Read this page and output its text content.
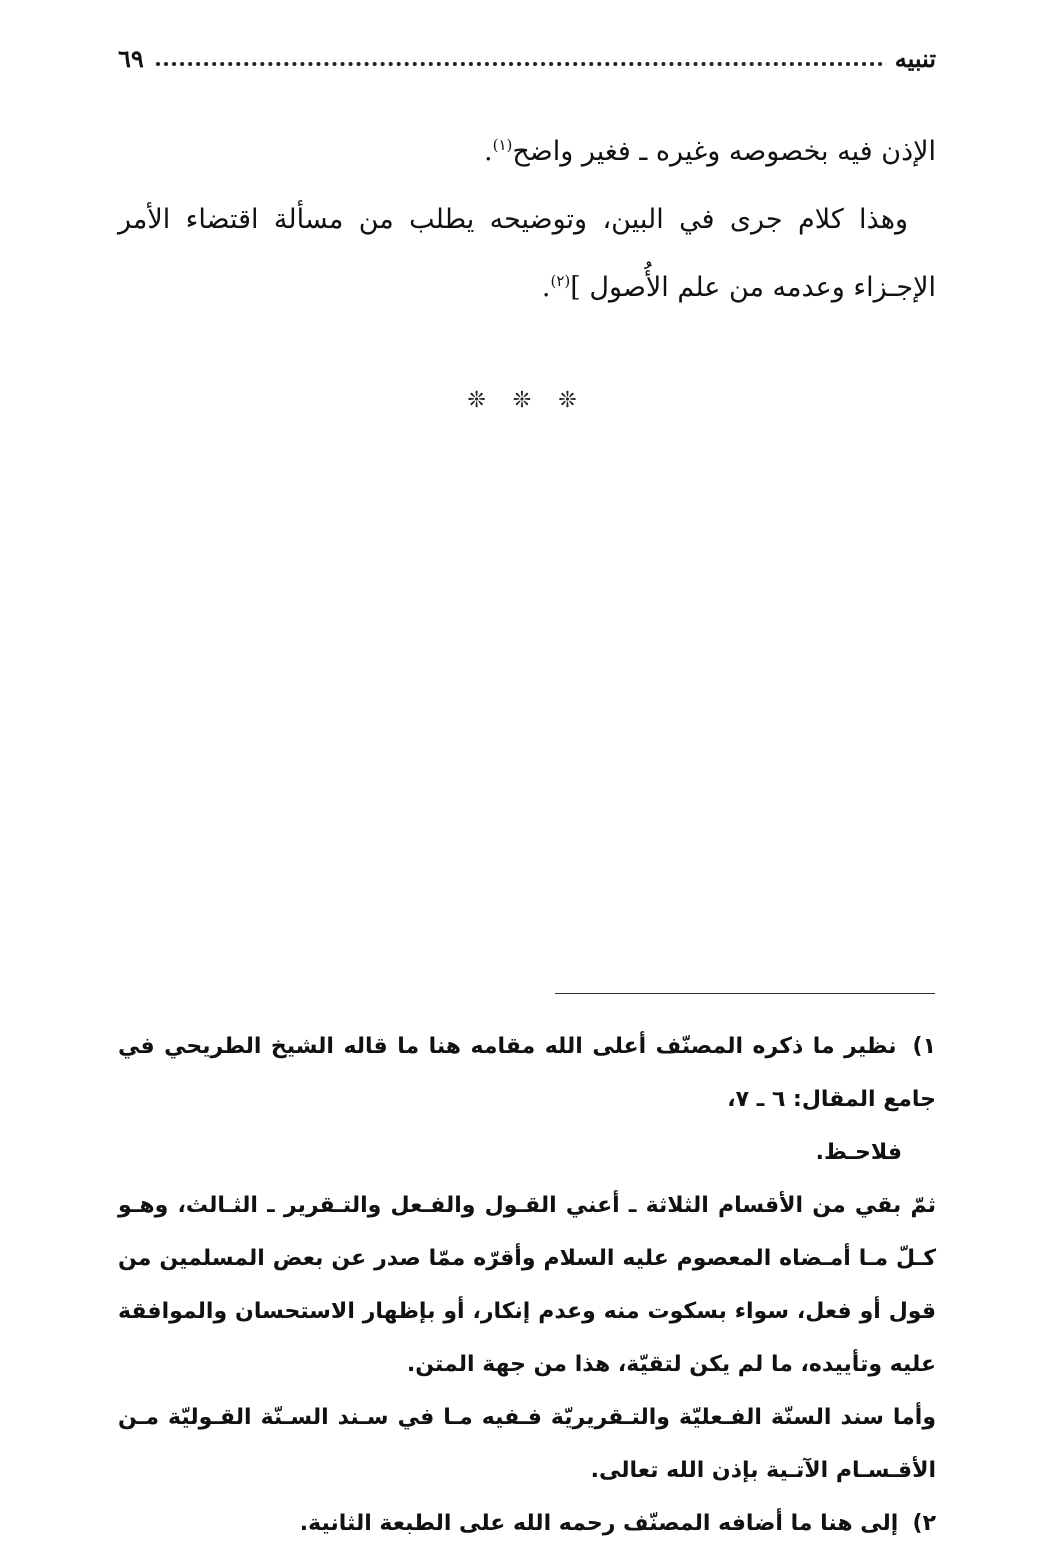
تنبيه
٦٩

الإذن فيه بخصوصه وغيره ـ فغير واضح$^{(١)}$.

وهذا كلام جرى في البين، وتوضيحه يطلب من مسألة اقتضاء الأمر الإجـزاء وعدمه من علم الأُصول ]$^{(٢)}$.

❊ ❊ ❊

١) نظير ما ذكره المصنّف أعلى الله مقامه هنا ما قاله الشيخ الطريحي في جامع المقال: ٦ ـ ٧،

فلاحـظ.

ثمّ بقي من الأقسام الثلاثة ـ أعني القـول والفـعل والتـقرير ـ الثـالث، وهـو كـلّ مـا أمـضاه المعصوم عليه السلام وأقرّه ممّا صدر عن بعض المسلمين من قول أو فعل، سواء بسكوت منه وعدم إنكار، أو بإظهار الاستحسان والموافقة عليه وتأييده، ما لم يكن لتقيّة، هذا من جهة المتن.

وأما سند السنّة الفـعليّة والتـقريريّة فـفيه مـا في سـند السـنّة القـوليّة مـن الأقـسـام الآتـية بإذن الله تعالى.

٢) إلى هنا ما أضافه المصنّف رحمه الله على الطبعة الثانية.
